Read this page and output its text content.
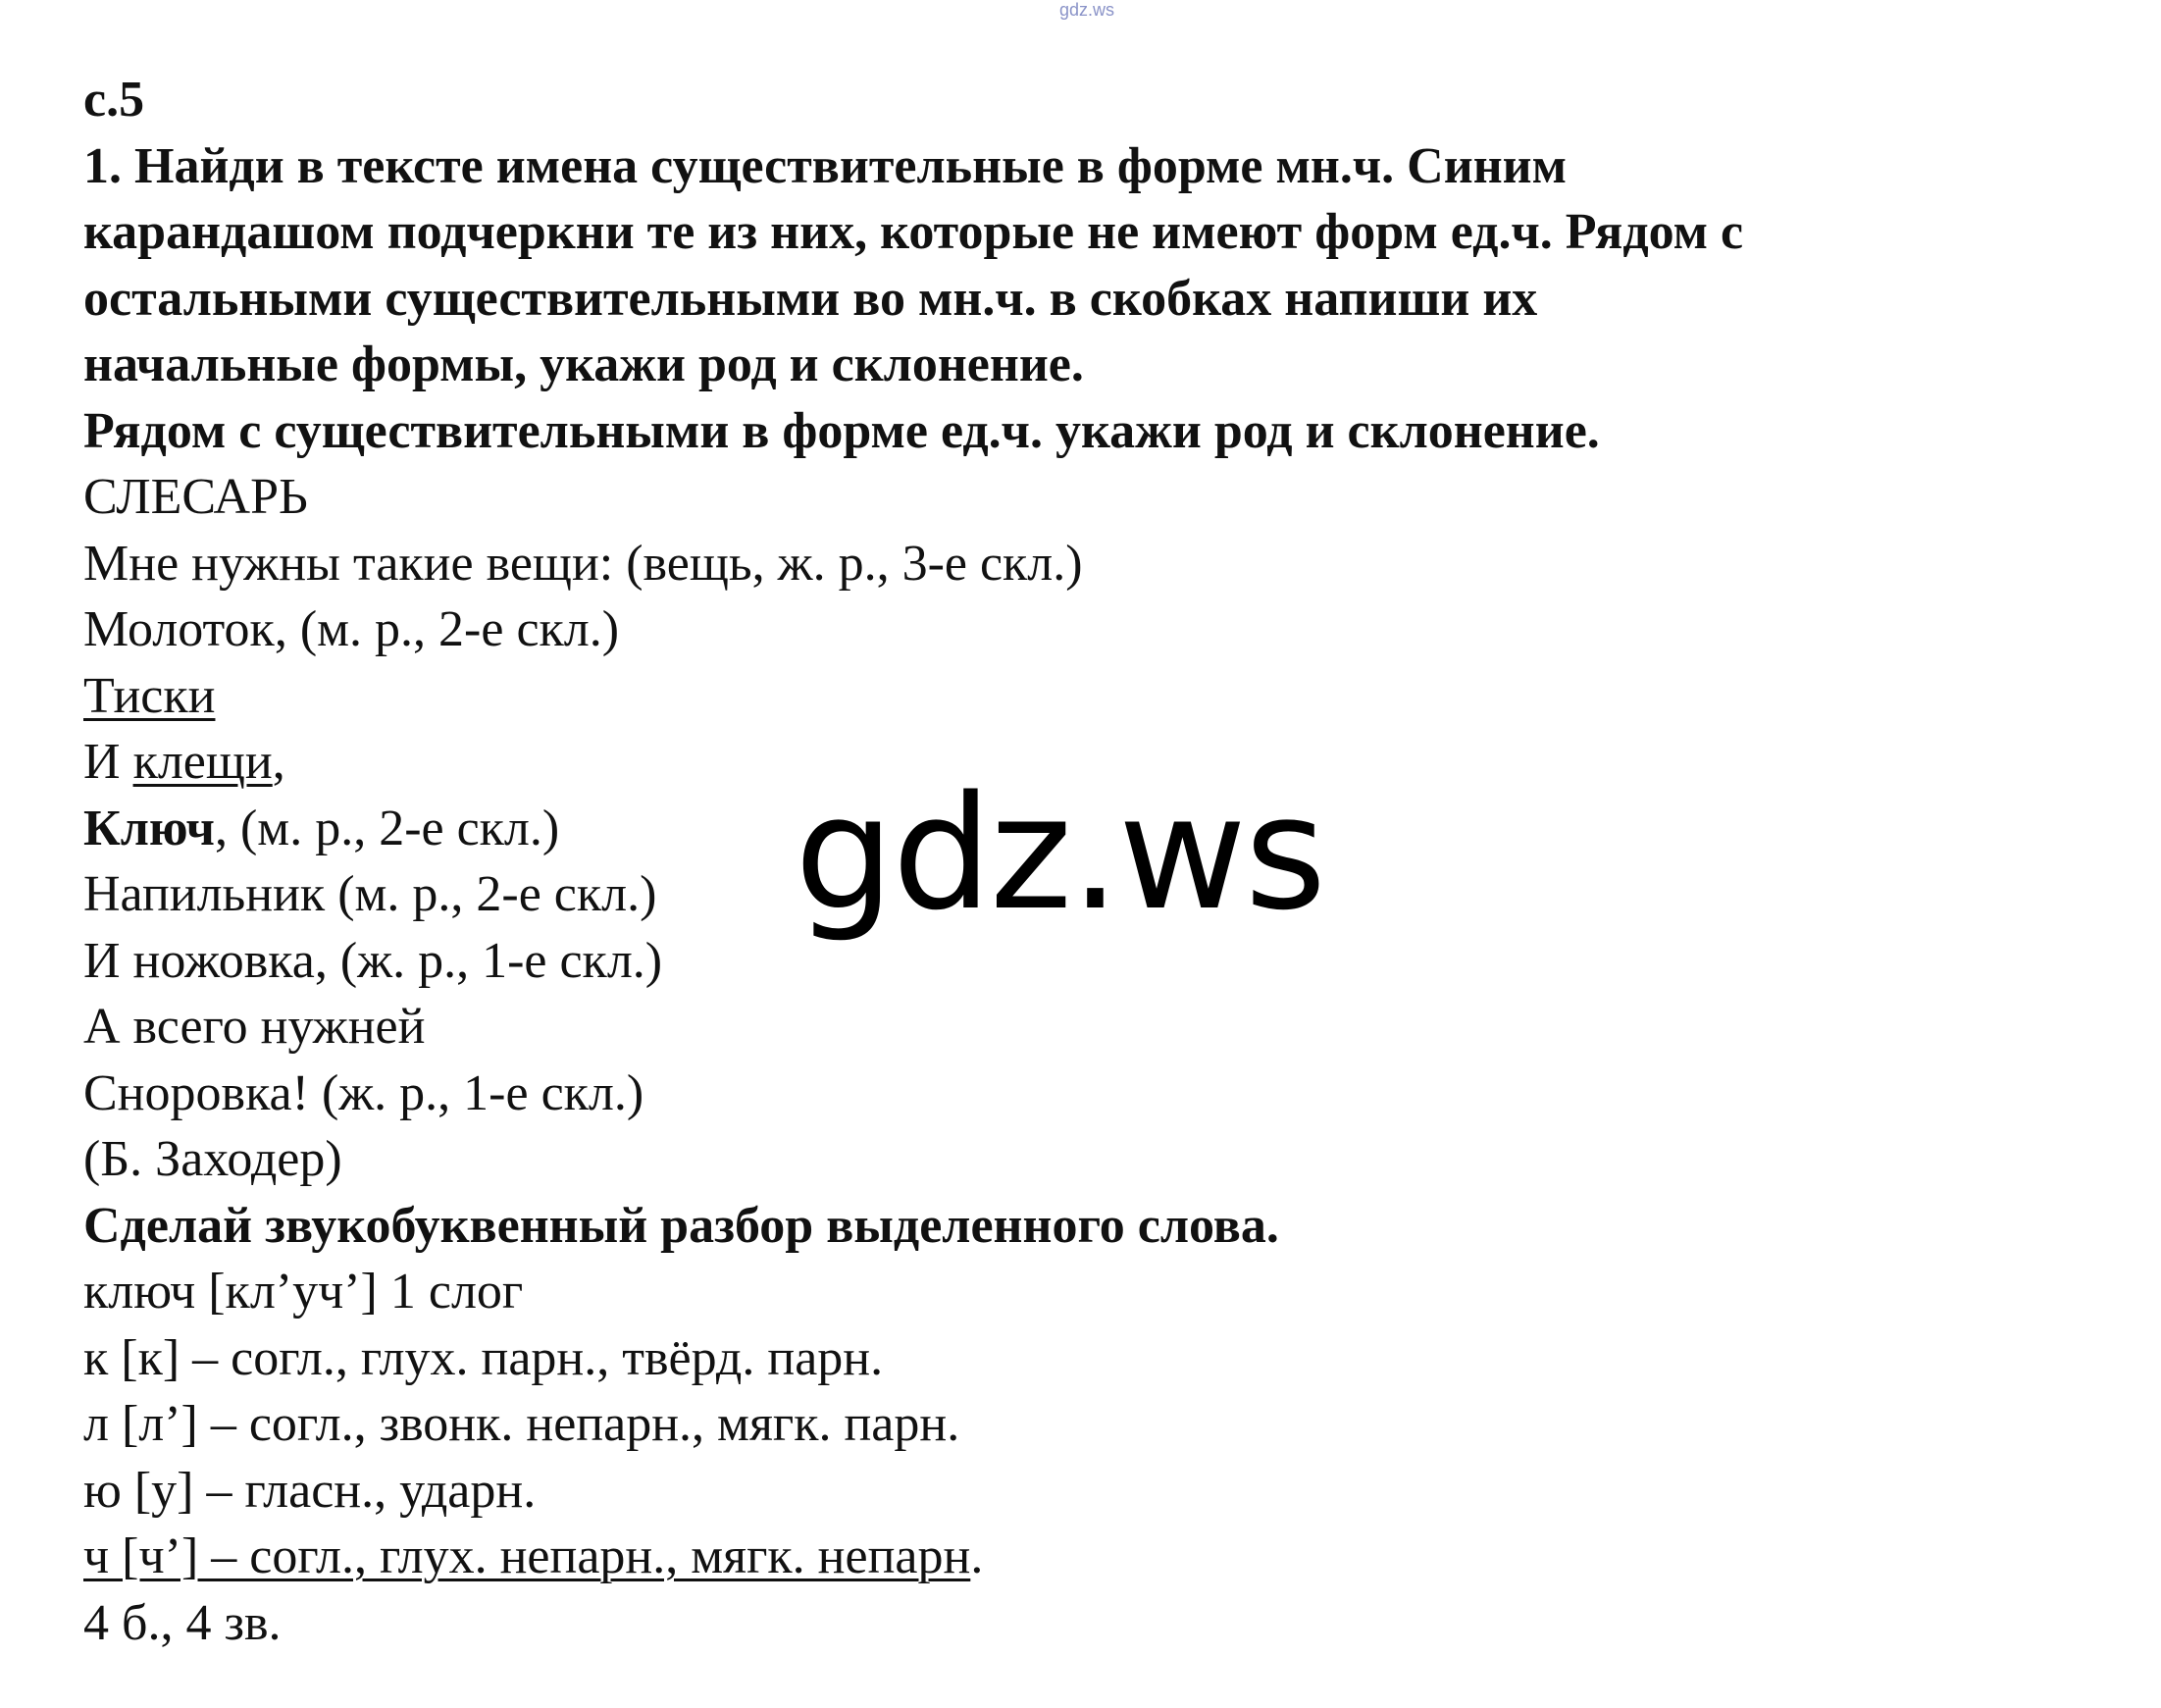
gdz.ws
с.5
1. Найди в тексте имена существительные в форме мн.ч. Синим
карандашом подчеркни те из них, которые не имеют форм ед.ч. Рядом с
остальными существительными во мн.ч. в скобках напиши их
начальные формы, укажи род и склонение.
Рядом с существительными в форме ед.ч. укажи род и склонение.
СЛЕСАРЬ
Мне нужны такие вещи: (вещь, ж. р., 3-е скл.)
Молоток, (м. р., 2-е скл.)
Тиски
И клещи,
Ключ, (м. р., 2-е скл.)
Напильник (м. р., 2-е скл.)
И ножовка, (ж. р., 1-е скл.)
А всего нужней
Сноровка! (ж. р., 1-е скл.)
(Б. Заходер)
Сделай звукобуквенный разбор выделенного слова.
ключ [кл’уч’] 1 слог
к [к] – согл., глух. парн., твёрд. парн.
л [л’] – согл., звонк. непарн., мягк. парн.
ю [у] – гласн., ударн.
ч [ч’] – согл., глух. непарн., мягк. непарн.
4 б., 4 зв.
gdz.ws
